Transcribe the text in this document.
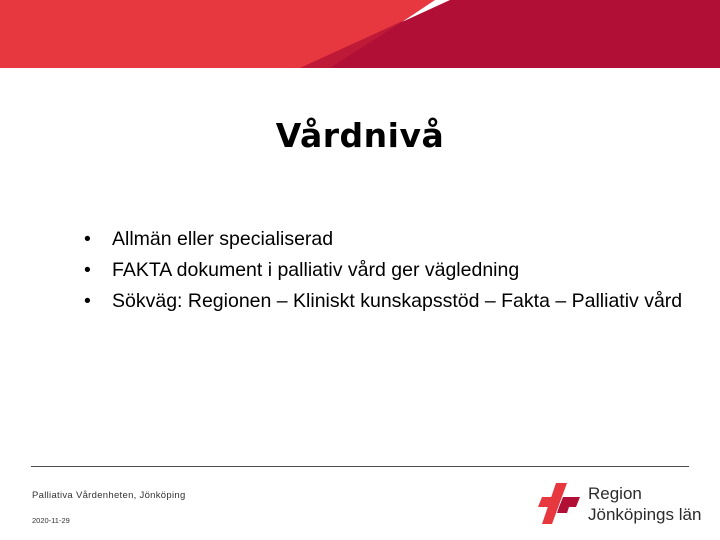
Vårdnivå
•	Allmän eller specialiserad
•	FAKTA dokument i palliativ vård ger vägledning
•	Sökväg: Regionen – Kliniskt kunskapsstöd – Fakta – Palliativ vård
Palliativa Vårdenheten, Jönköping
2020-11-29
Region
Jönköpings län
